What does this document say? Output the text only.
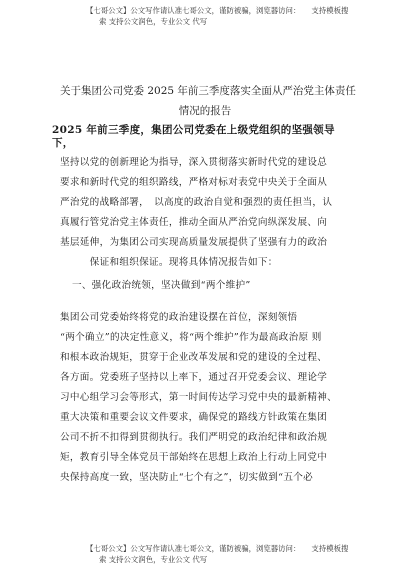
【七哥公文】公文写作请认准七哥公文，谨防被骗，浏览器访问：　　支持模板搜
索 支持公文润色，专业公文 代写
关于集团公司党委 2025 年前三季度落实全面从严治党主体责任
情况的报告
2025 年前三季度，集团公司党委在上级党组织的坚强领导
下，
坚持以党的创新理论为指导，深入贯彻落实新时代党的建设总
要求和新时代党的组织路线，严格对标对表党中央关于全面从
严治党的战略部署，　以高度的政治自觉和强烈的责任担当，认
真履行管党治党主体责任，推动全面从严治党向纵深发展、向
基层延伸，为集团公司实现高质量发展提供了坚强有力的政治
　　　保证和组织保证。现将具体情况报告如下：
一、强化政治统领，坚决做到“两个维护”
集团公司党委始终将党的政治建设摆在首位，深刻领悟
“两个确立”的决定性意义，将“两个维护”作为最高政治原 则
和根本政治规矩，贯穿于企业改革发展和党的建设的全过程、
各方面。党委班子坚持以上率下，通过召开党委会议、理论学
习中心组学习会等形式，第一时间传达学习党中央的最新精神、
重大决策和重要会议文件要求，确保党的路线方针政策在集团
公司不折不扣得到贯彻执行。我们严明党的政治纪律和政治规
矩，教育引导全体党员干部始终在思想上政治上行动上同党中
央保持高度一致，坚决防止“七个有之”，切实做到“五个必
【七哥公文】公文写作请认准七哥公文，谨防被骗，浏览器访问：　　支持模板搜
索 支持公文润色，专业公文 代写
